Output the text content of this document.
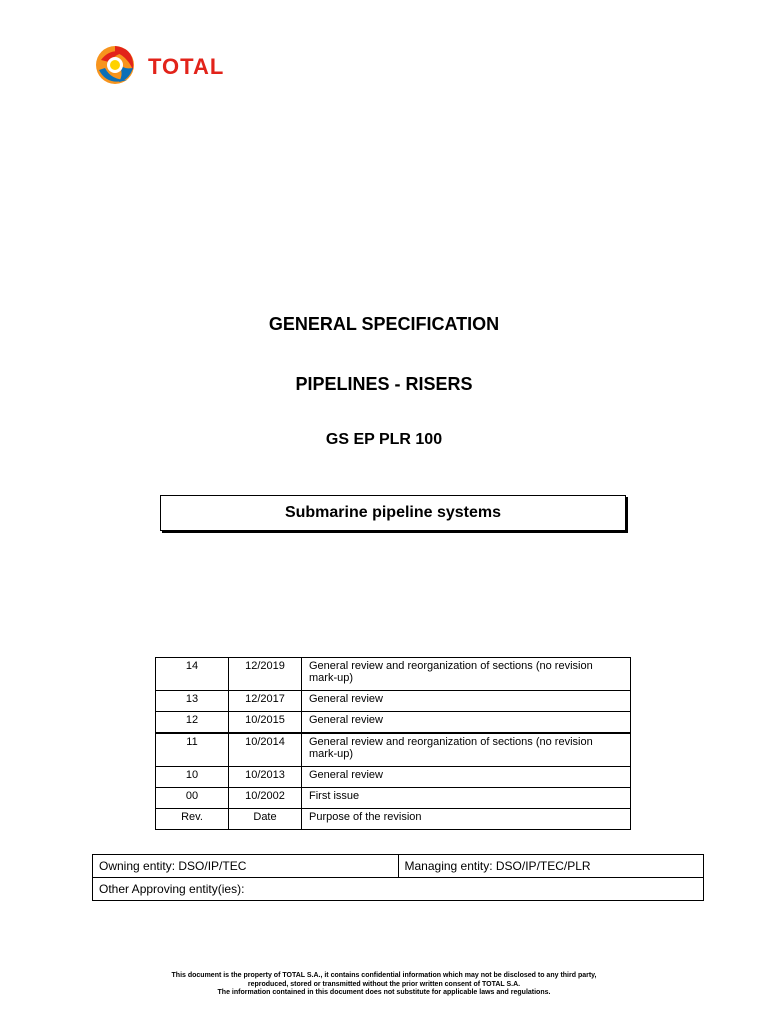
TOTAL
GENERAL SPECIFICATION
PIPELINES - RISERS
GS EP PLR 100
Submarine pipeline systems
14	12/2019	General review and reorganization of sections (no revision mark-up)
13	12/2017	General review
12	10/2015	General review
11	10/2014	General review and reorganization of sections (no revision mark-up)
10	10/2013	General review
00	10/2002	First issue
Rev.	Date	Purpose of the revision
Owning entity: DSO/IP/TEC	Managing entity: DSO/IP/TEC/PLR
Other Approving entity(ies):
This document is the property of TOTAL S.A., it contains confidential information which may not be disclosed to any third party,
reproduced, stored or transmitted without the prior written consent of TOTAL S.A.
The information contained in this document does not substitute for applicable laws and regulations.
